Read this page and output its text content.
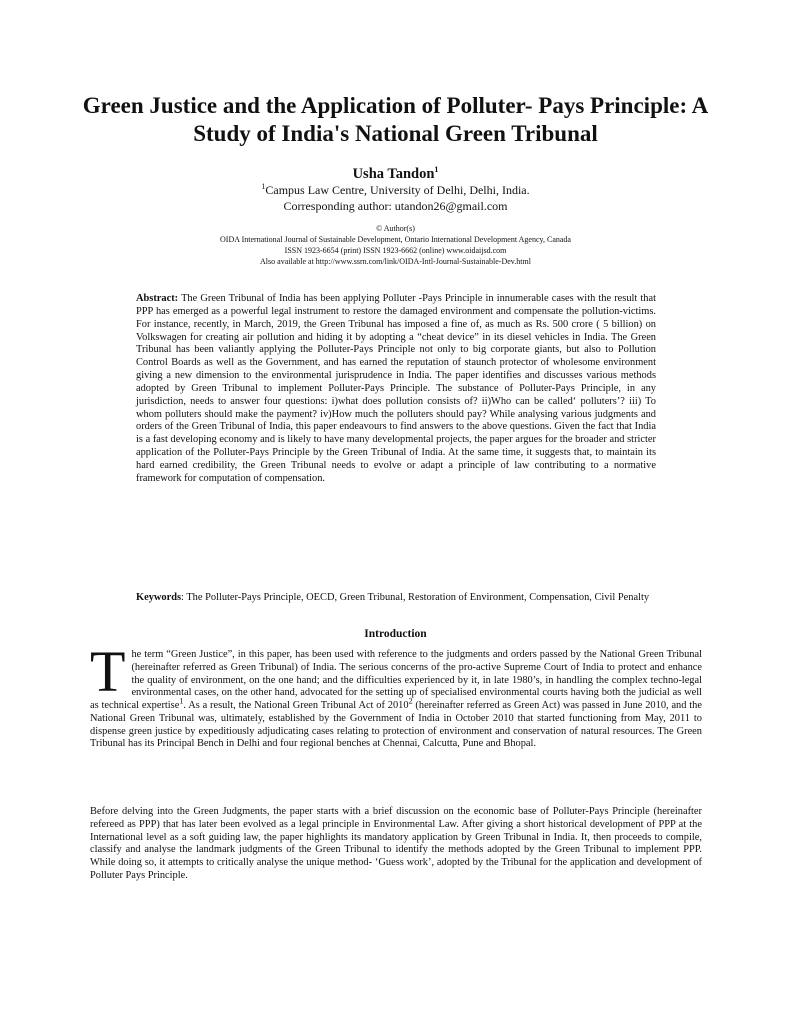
Green Justice and the Application of Polluter- Pays Principle: A Study of India's National Green Tribunal
Usha Tandon$^1$
$^1$Campus Law Centre, University of Delhi, Delhi, India.
Corresponding author: utandon26@gmail.com
© Author(s)
OIDA International Journal of Sustainable Development, Ontario International Development Agency, Canada
ISSN 1923-6654 (print) ISSN 1923-6662 (online) www.oidaijsd.com
Also available at http://www.ssrn.com/link/OIDA-Intl-Journal-Sustainable-Dev.html

Abstract: The Green Tribunal of India has been applying Polluter -Pays Principle in innumerable cases with the result that PPP has emerged as a powerful legal instrument to restore the damaged environment and compensate the pollution-victims. For instance, recently, in March, 2019, the Green Tribunal has imposed a fine of, as much as Rs. 500 crore ( 5 billion) on Volkswagen for creating air pollution and hiding it by adopting a “cheat device” in its diesel vehicles in India. The Green Tribunal has been valiantly applying the Polluter-Pays Principle not only to big corporate giants, but also to Pollution Control Boards as well as the Government, and has earned the reputation of staunch protector of wholesome environment giving a new dimension to the environmental jurisprudence in India. The paper identifies and discusses various methods adopted by Green Tribunal to implement Polluter-Pays Principle. The substance of Polluter-Pays Principle, in any jurisdiction, needs to answer four questions: i)what does pollution consists of? ii)Who can be called‘ polluters’? iii) To whom polluters should make the payment? iv)How much the polluters should pay? While analysing various judgments and orders of the Green Tribunal of India, this paper endeavours to find answers to the above questions. Given the fact that India is a fast developing economy and is likely to have many developmental projects, the paper argues for the broader and stricter application of the Polluter-Pays Principle by the Green Tribunal of India. At the same time, it suggests that, to maintain its hard earned credibility, the Green Tribunal needs to evolve or adapt a principle of law contributing to a normative framework for computation of compensation.

Keywords: The Polluter-Pays Principle, OECD, Green Tribunal, Restoration of Environment, Compensation, Civil Penalty

Introduction

The term “Green Justice”, in this paper, has been used with reference to the judgments and orders passed by the National Green Tribunal (hereinafter referred as Green Tribunal) of India. The serious concerns of the pro-active Supreme Court of India to protect and enhance the quality of environment, on the one hand; and the difficulties experienced by it, in late 1980’s, in handling the complex techno-legal environmental cases, on the other hand, advocated for the setting up of specialised environmental courts having both the judicial as well as technical expertise$^1$. As a result, the National Green Tribunal Act of 2010$^2$ (hereinafter referred as Green Act) was passed in June 2010, and the National Green Tribunal was, ultimately, established by the Government of India in October 2010 that started functioning from May, 2011 to dispense green justice by expeditiously adjudicating cases relating to protection of environment and conservation of natural resources. The Green Tribunal has its Principal Bench in Delhi and four regional benches at Chennai, Calcutta, Pune and Bhopal.

Before delving into the Green Judgments, the paper starts with a brief discussion on the economic base of Polluter-Pays Principle (hereinafter refereed as PPP) that has later been evolved as a legal principle in Environmental Law. After giving a short historical development of PPP at the International level as a soft guiding law, the paper highlights its mandatory application by Green Tribunal in India. It, then proceeds to compile, classify and analyse the landmark judgments of the Green Tribunal to identify the methods adopted by the Green Tribunal to implement PPP. While doing so, it attempts to critically analyse the unique method- ‘Guess work’, adopted by the Tribunal for the application and development of Polluter Pays Principle.
